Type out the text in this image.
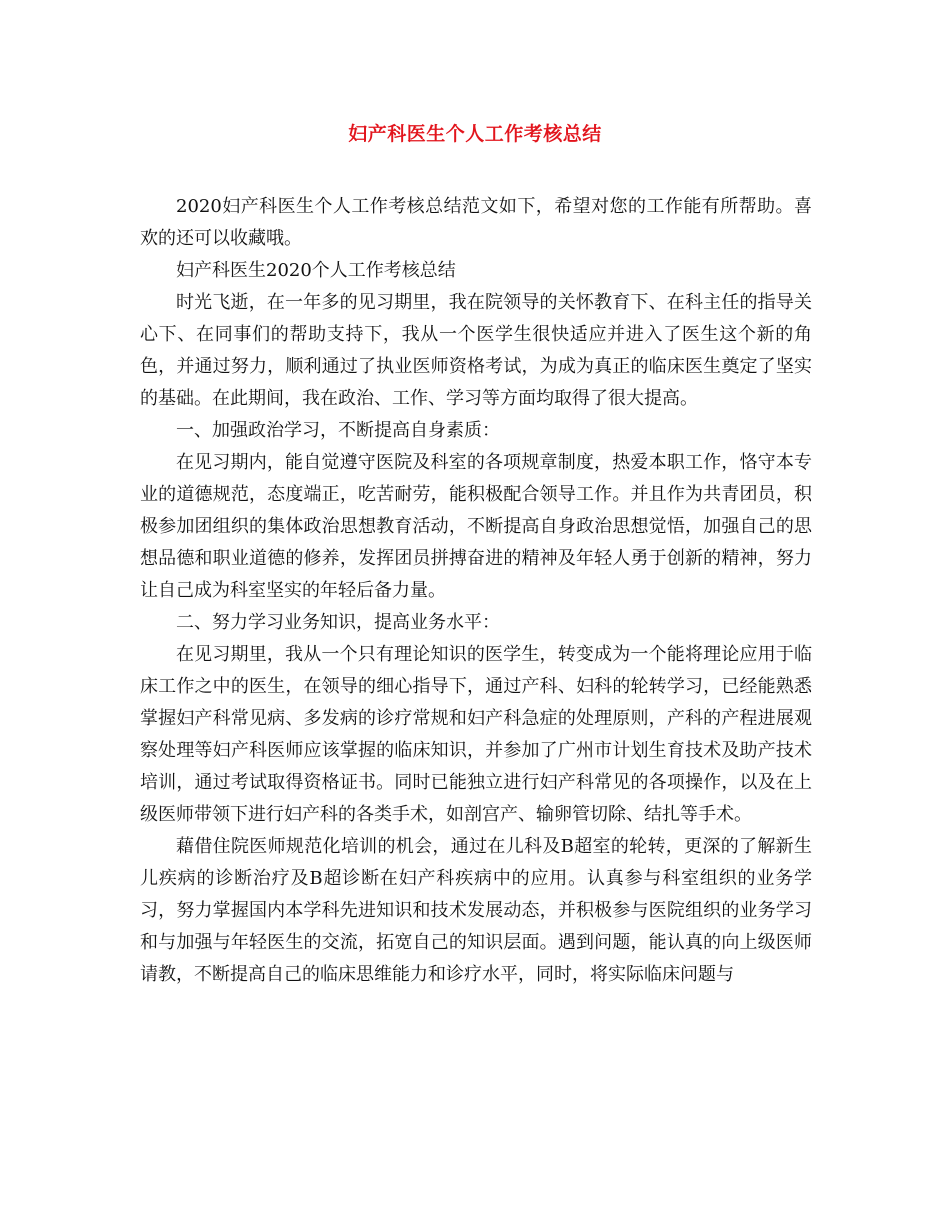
妇产科医生个人工作考核总结

2020妇产科医生个人工作考核总结范文如下，希望对您的工作能有所帮助。喜欢的还可以收藏哦。

妇产科医生2020个人工作考核总结

时光飞逝，在一年多的见习期里，我在院领导的关怀教育下、在科主任的指导关心下、在同事们的帮助支持下，我从一个医学生很快适应并进入了医生这个新的角色，并通过努力，顺利通过了执业医师资格考试，为成为真正的临床医生奠定了坚实的基础。在此期间，我在政治、工作、学习等方面均取得了很大提高。

一、加强政治学习，不断提高自身素质：

在见习期内，能自觉遵守医院及科室的各项规章制度，热爱本职工作，恪守本专业的道德规范，态度端正，吃苦耐劳，能积极配合领导工作。并且作为共青团员，积极参加团组织的集体政治思想教育活动，不断提高自身政治思想觉悟，加强自己的思想品德和职业道德的修养，发挥团员拼搏奋进的精神及年轻人勇于创新的精神，努力让自己成为科室坚实的年轻后备力量。

二、努力学习业务知识，提高业务水平：

在见习期里，我从一个只有理论知识的医学生，转变成为一个能将理论应用于临床工作之中的医生，在领导的细心指导下，通过产科、妇科的轮转学习，已经能熟悉掌握妇产科常见病、多发病的诊疗常规和妇产科急症的处理原则，产科的产程进展观察处理等妇产科医师应该掌握的临床知识，并参加了广州市计划生育技术及助产技术培训，通过考试取得资格证书。同时已能独立进行妇产科常见的各项操作，以及在上级医师带领下进行妇产科的各类手术，如剖宫产、输卵管切除、结扎等手术。

藉借住院医师规范化培训的机会，通过在儿科及B超室的轮转，更深的了解新生儿疾病的诊断治疗及B超诊断在妇产科疾病中的应用。认真参与科室组织的业务学习，努力掌握国内本学科先进知识和技术发展动态，并积极参与医院组织的业务学习和与加强与年轻医生的交流，拓宽自己的知识层面。遇到问题，能认真的向上级医师请教，不断提高自己的临床思维能力和诊疗水平，同时，将实际临床问题与
